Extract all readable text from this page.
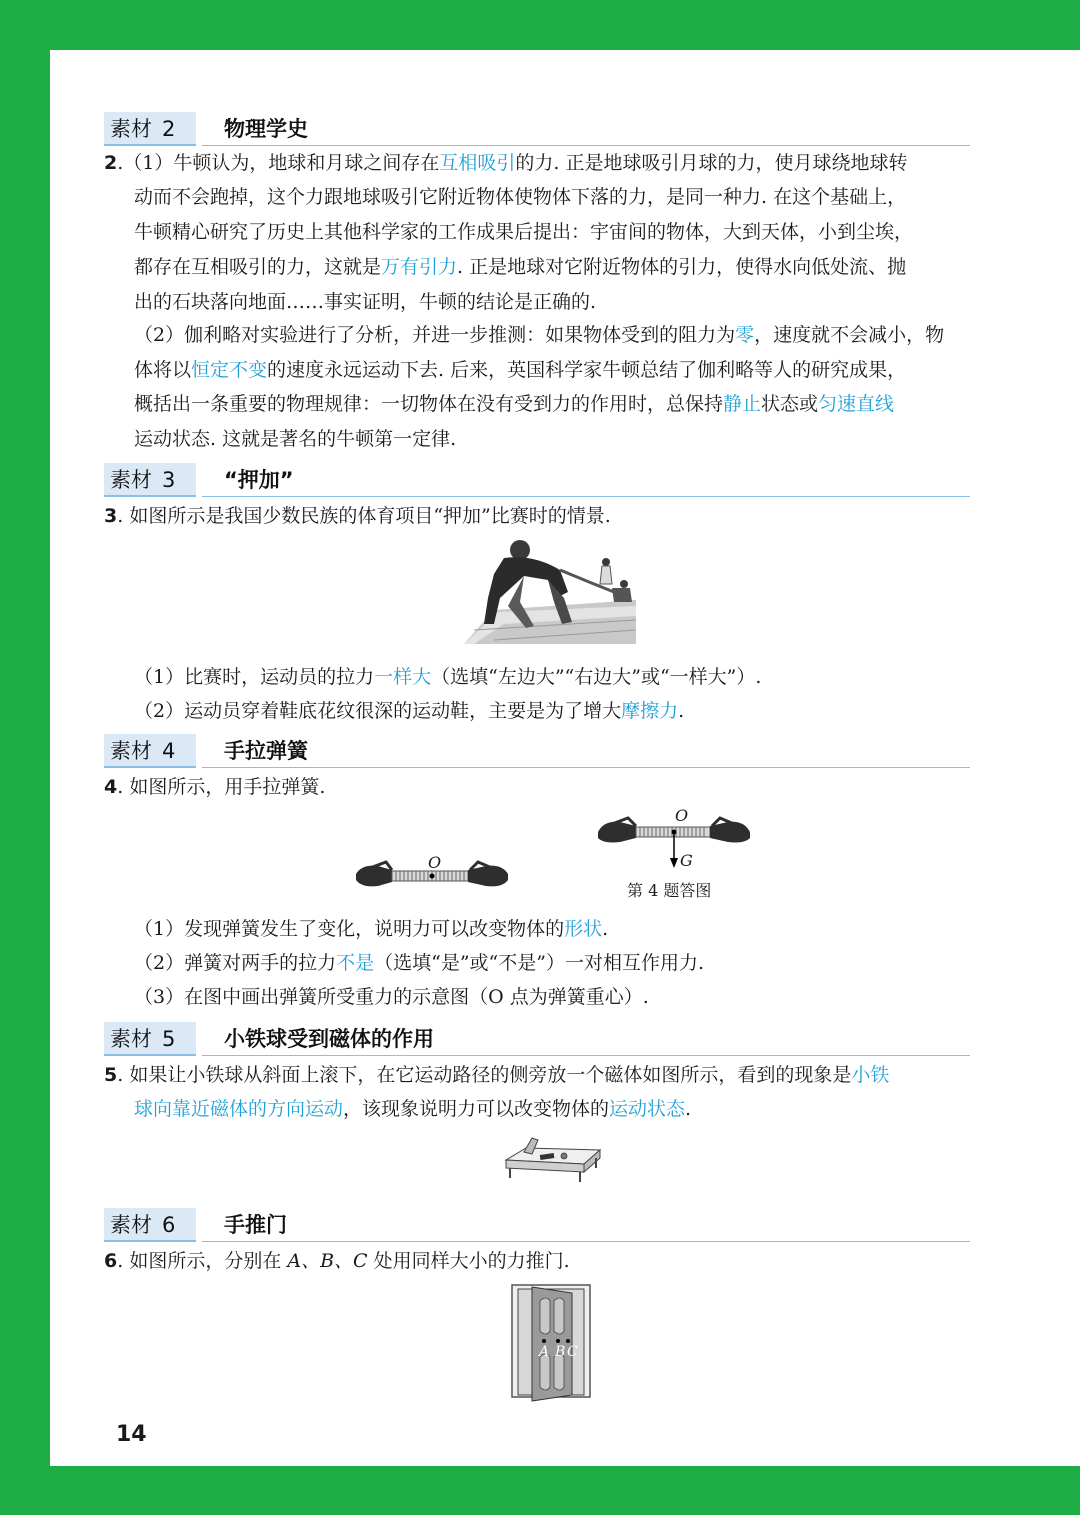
素材 2	物理学史
2.（1）牛顿认为，地球和月球之间存在互相吸引的力. 正是地球吸引月球的力，使月球绕地球转
动而不会跑掉，这个力跟地球吸引它附近物体使物体下落的力，是同一种力. 在这个基础上，
牛顿精心研究了历史上其他科学家的工作成果后提出：宇宙间的物体，大到天体，小到尘埃，
都存在互相吸引的力，这就是万有引力. 正是地球对它附近物体的引力，使得水向低处流、抛
出的石块落向地面……事实证明，牛顿的结论是正确的.
（2）伽利略对实验进行了分析，并进一步推测：如果物体受到的阻力为零，速度就不会减小，物
体将以恒定不变的速度永远运动下去. 后来，英国科学家牛顿总结了伽利略等人的研究成果，
概括出一条重要的物理规律：一切物体在没有受到力的作用时，总保持静止状态或匀速直线
运动状态. 这就是著名的牛顿第一定律.
素材 3	“押加”
3. 如图所示是我国少数民族的体育项目“押加”比赛时的情景.
（1）比赛时，运动员的拉力一样大（选填“左边大”“右边大”或“一样大”）.
（2）运动员穿着鞋底花纹很深的运动鞋，主要是为了增大摩擦力.
素材 4	手拉弹簧
4. 如图所示，用手拉弹簧.
O
O
G
第 4 题答图
（1）发现弹簧发生了变化，说明力可以改变物体的形状.
（2）弹簧对两手的拉力不是（选填“是”或“不是”）一对相互作用力.
（3）在图中画出弹簧所受重力的示意图（O 点为弹簧重心）.
素材 5	小铁球受到磁体的作用
5. 如果让小铁球从斜面上滚下，在它运动路径的侧旁放一个磁体如图所示，看到的现象是小铁
球向靠近磁体的方向运动，该现象说明力可以改变物体的运动状态.
素材 6	手推门
6. 如图所示，分别在 A、B、C 处用同样大小的力推门.
A B C
14
